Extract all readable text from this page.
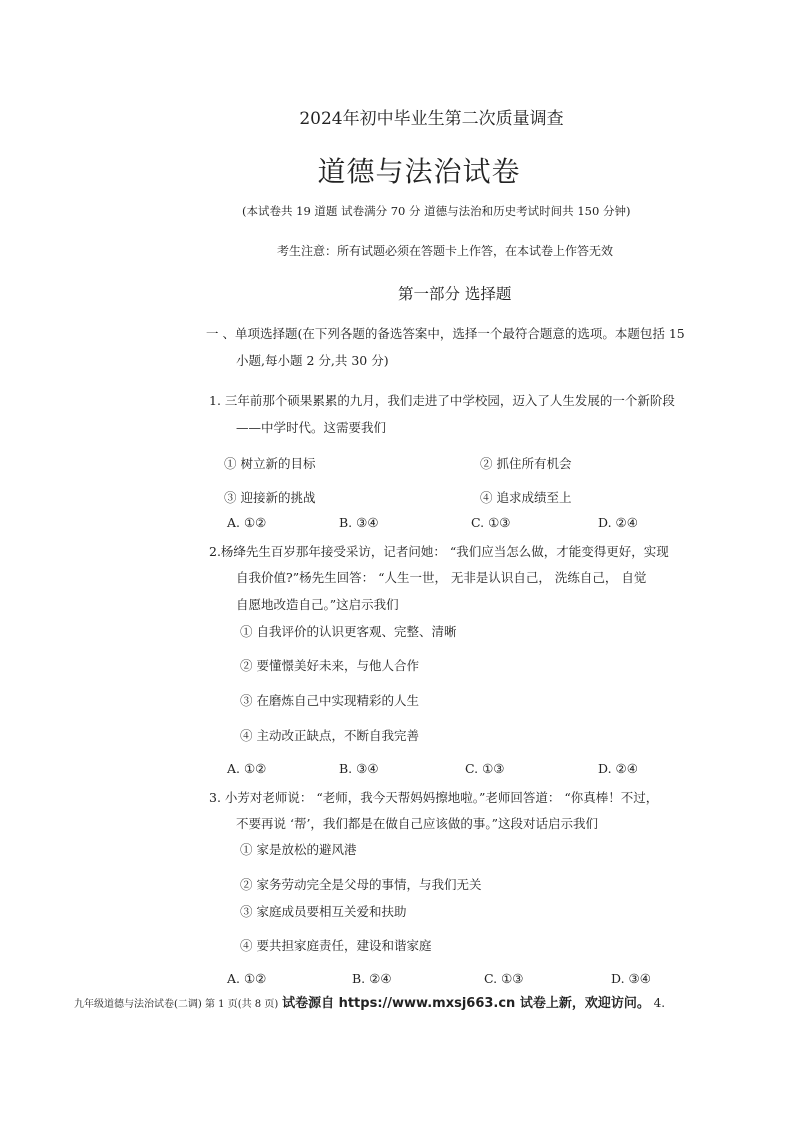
2024年初中毕业生第二次质量调查
道德与法治试卷
(本试卷共 19 道题 试卷满分 70 分 道德与法治和历史考试时间共 150 分钟)
考生注意：所有试题必须在答题卡上作答，在本试卷上作答无效
第一部分 选择题
一 、单项选择题(在下列各题的备选答案中，选择一个最符合题意的选项。本题包括 15
小题,每小题 2 分,共 30 分)
1. 三年前那个硕果累累的九月，我们走进了中学校园，迈入了人生发展的一个新阶段
——中学时代。这需要我们
① 树立新的目标	② 抓住所有机会
③ 迎接新的挑战	④ 追求成绩至上
A. ①②	B. ③④	C. ①③	D. ②④
2.杨绛先生百岁那年接受采访，记者问她： “我们应当怎么做，才能变得更好，实现
自我价值?”杨先生回答： “人生一世， 无非是认识自己， 洗练自己， 自觉
自愿地改造自己。”这启示我们
① 自我评价的认识更客观、完整、清晰
② 要懂憬美好未来，与他人合作
③ 在磨炼自己中实现精彩的人生
④ 主动改正缺点，不断自我完善
A. ①②	B. ③④	C. ①③	D. ②④
3. 小芳对老师说： “老师，我今天帮妈妈擦地啦。”老师回答道： “你真棒！不过，
不要再说 ‘帮’，我们都是在做自己应该做的事。”这段对话启示我们
① 家是放松的避风港
② 家务劳动完全是父母的事情，与我们无关
③ 家庭成员要相互关爱和扶助
④ 要共担家庭责任，建设和谐家庭
A. ①②	B. ②④	C. ①③	D. ③④
九年级道德与法治试卷(二调) 第 1 页(共 8 页) 试卷源自 https://www.mxsj663.cn 试卷上新，欢迎访问。 4.
